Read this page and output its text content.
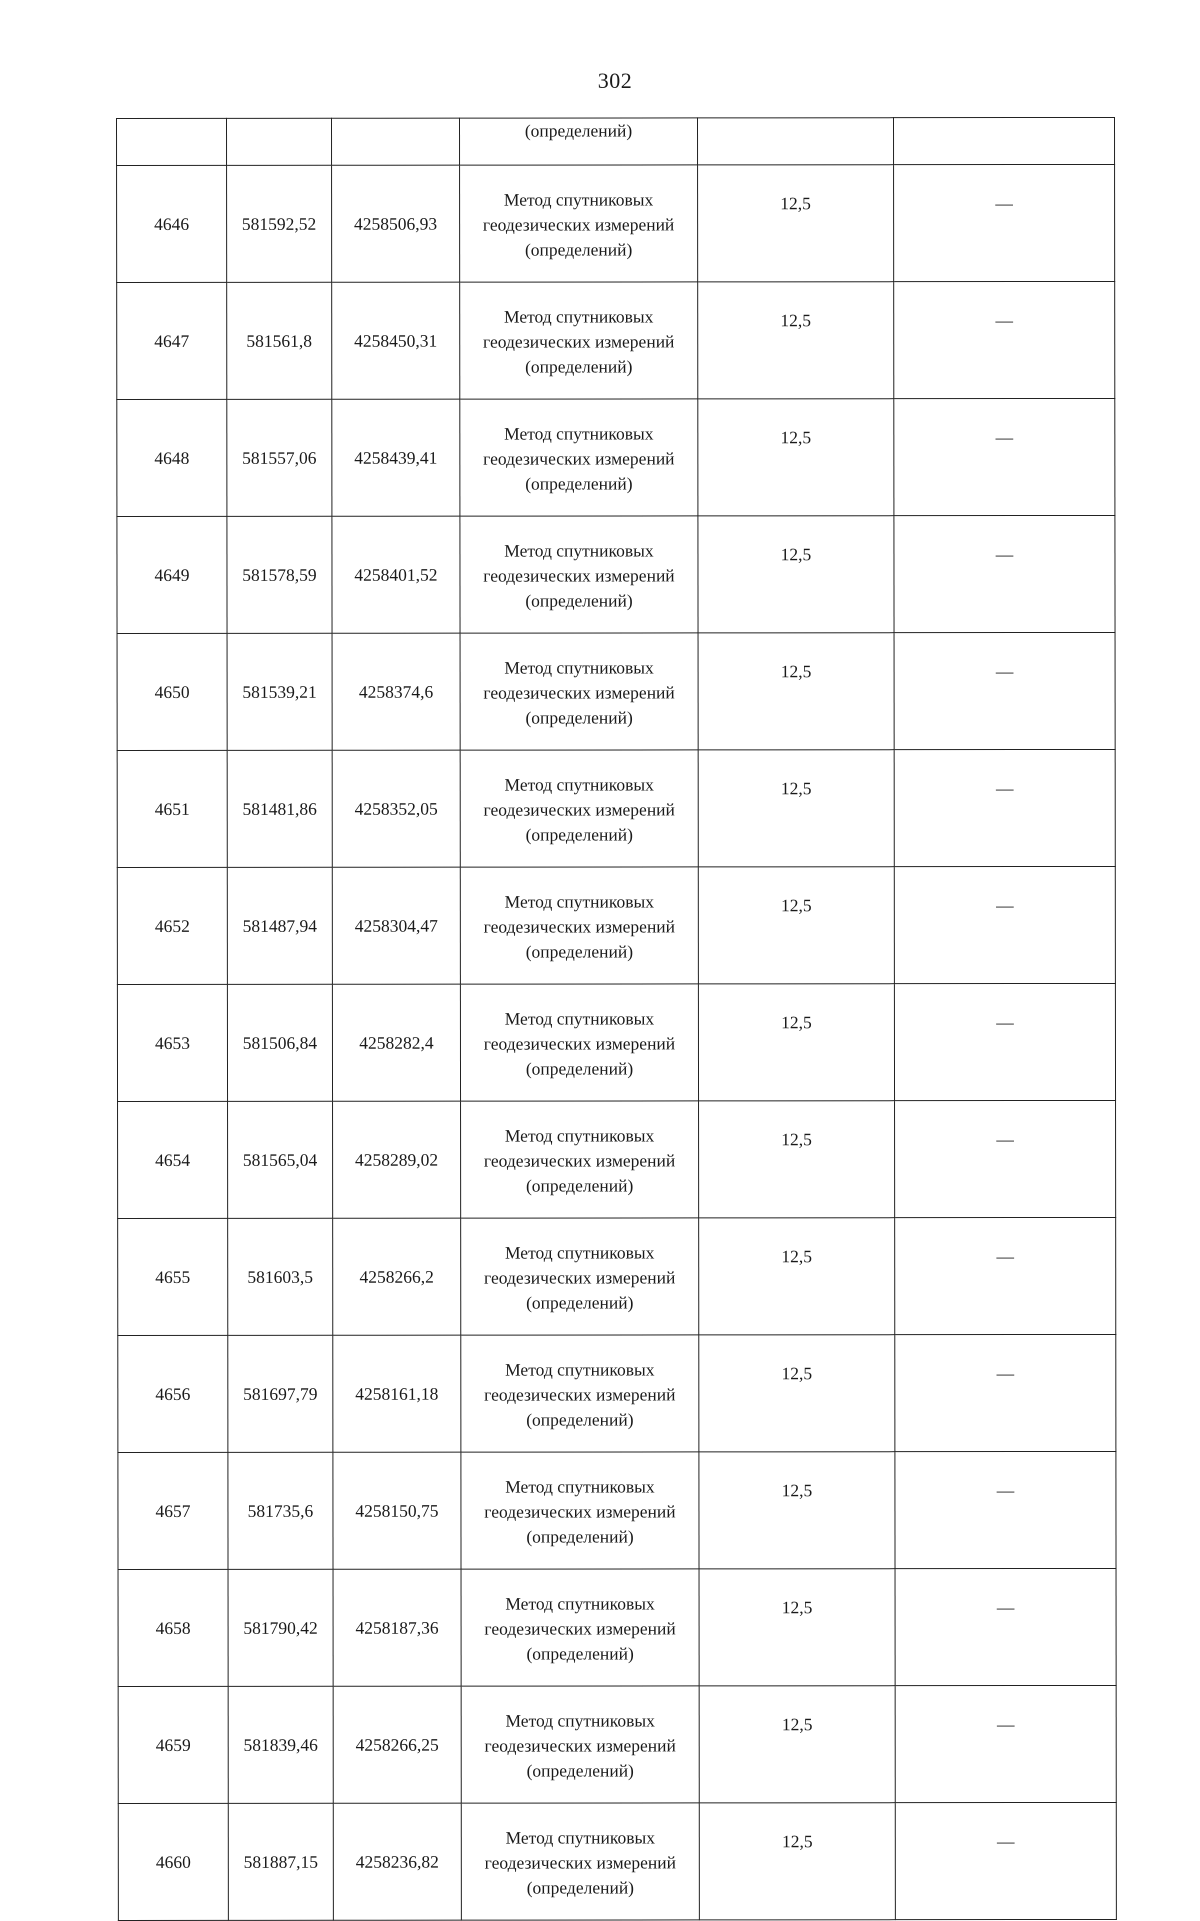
302
			(определений)		
4646	581592,52	4258506,93	Метод спутниковых
геодезических измерений
(определений)	12,5	—
4647	581561,8	4258450,31	Метод спутниковых
геодезических измерений
(определений)	12,5	—
4648	581557,06	4258439,41	Метод спутниковых
геодезических измерений
(определений)	12,5	—
4649	581578,59	4258401,52	Метод спутниковых
геодезических измерений
(определений)	12,5	—
4650	581539,21	4258374,6	Метод спутниковых
геодезических измерений
(определений)	12,5	—
4651	581481,86	4258352,05	Метод спутниковых
геодезических измерений
(определений)	12,5	—
4652	581487,94	4258304,47	Метод спутниковых
геодезических измерений
(определений)	12,5	—
4653	581506,84	4258282,4	Метод спутниковых
геодезических измерений
(определений)	12,5	—
4654	581565,04	4258289,02	Метод спутниковых
геодезических измерений
(определений)	12,5	—
4655	581603,5	4258266,2	Метод спутниковых
геодезических измерений
(определений)	12,5	—
4656	581697,79	4258161,18	Метод спутниковых
геодезических измерений
(определений)	12,5	—
4657	581735,6	4258150,75	Метод спутниковых
геодезических измерений
(определений)	12,5	—
4658	581790,42	4258187,36	Метод спутниковых
геодезических измерений
(определений)	12,5	—
4659	581839,46	4258266,25	Метод спутниковых
геодезических измерений
(определений)	12,5	—
4660	581887,15	4258236,82	Метод спутниковых
геодезических измерений
(определений)	12,5	—
